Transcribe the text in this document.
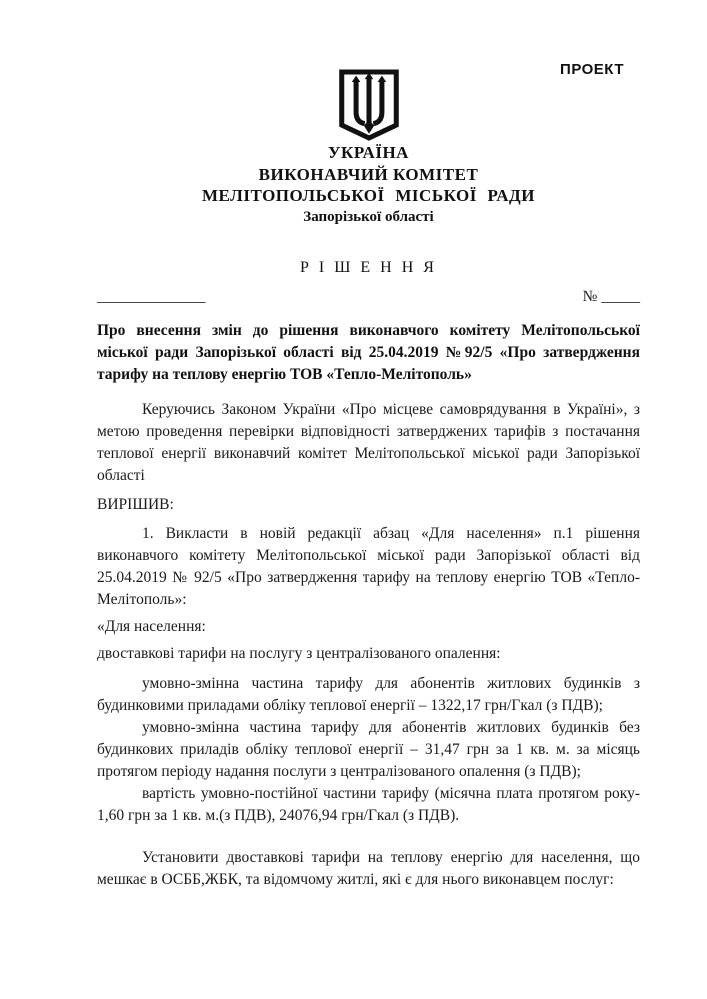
ПРОЕКТ
УКРАЇНА
ВИКОНАВЧИЙ КОМІТЕТ
МЕЛІТОПОЛЬСЬКОЇ МІСЬКОЇ РАДИ
Запорізької області
Р І Ш Е Н Н Я
______________	№ _____
Про внесення змін до рішення виконавчого комітету Мелітопольської міської ради Запорізької області від 25.04.2019 №92/5 «Про затвердження тарифу на теплову енергію ТОВ «Тепло-Мелітополь»

Керуючись Законом України «Про місцеве самоврядування в Україні», з метою проведення перевірки відповідності затверджених тарифів з постачання теплової енергії виконавчий комітет Мелітопольської міської ради Запорізької області

ВИРІШИВ:

1. Викласти в новій редакції абзац «Для населення» п.1 рішення виконавчого комітету Мелітопольської міської ради Запорізької області від 25.04.2019 № 92/5 «Про затвердження тарифу на теплову енергію ТОВ «Тепло-Мелітополь»:

«Для населення:

двоставкові тарифи на послугу з централізованого опалення:

умовно-змінна частина тарифу для абонентів житлових будинків з будинковими приладами обліку теплової енергії – 1322,17 грн/Гкал (з ПДВ);

умовно-змінна частина тарифу для абонентів житлових будинків без будинкових приладів обліку теплової енергії – 31,47 грн за 1 кв. м. за місяць протягом періоду надання послуги з централізованого опалення (з ПДВ);

вартість умовно-постійної частини тарифу (місячна плата протягом року- 1,60 грн за 1 кв. м.(з ПДВ), 24076,94 грн/Гкал (з ПДВ).

Установити двоставкові тарифи на теплову енергію для населення, що мешкає в ОСББ,ЖБК, та відомчому житлі, які є для нього виконавцем послуг:
